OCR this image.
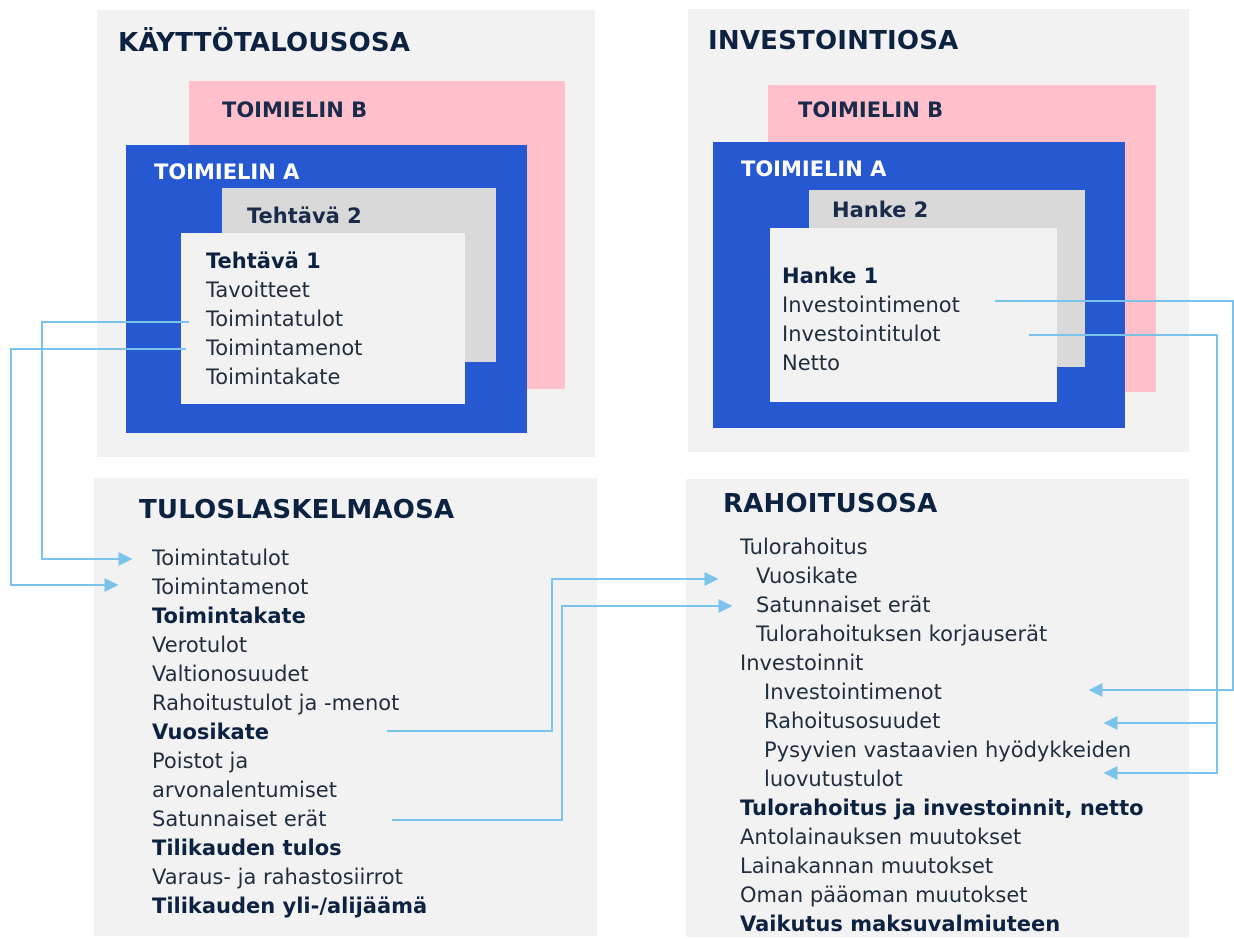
KÄYTTÖTALOUSOSA
TOIMIELIN B
TOIMIELIN A
Tehtävä 2
Tehtävä 1
Tavoitteet
Toimintatulot
Toimintamenot
Toimintakate
INVESTOINTIOSA
TOIMIELIN B
TOIMIELIN A
Hanke 2
Hanke 1
Investointimenot
Investointitulot
Netto
TULOSLASKELMAOSA
Toimintatulot
Toimintamenot
Toimintakate
Verotulot
Valtionosuudet
Rahoitustulot ja -menot
Vuosikate
Poistot ja
arvonalentumiset
Satunnaiset erät
Tilikauden tulos
Varaus- ja rahastosiirrot
Tilikauden yli-/alijäämä
RAHOITUSOSA
Tulorahoitus
Vuosikate
Satunnaiset erät
Tulorahoituksen korjauserät
Investoinnit
Investointimenot
Rahoitusosuudet
Pysyvien vastaavien hyödykkeiden
luovutustulot
Tulorahoitus ja investoinnit, netto
Antolainauksen muutokset
Lainakannan muutokset
Oman pääoman muutokset
Vaikutus maksuvalmiuteen
